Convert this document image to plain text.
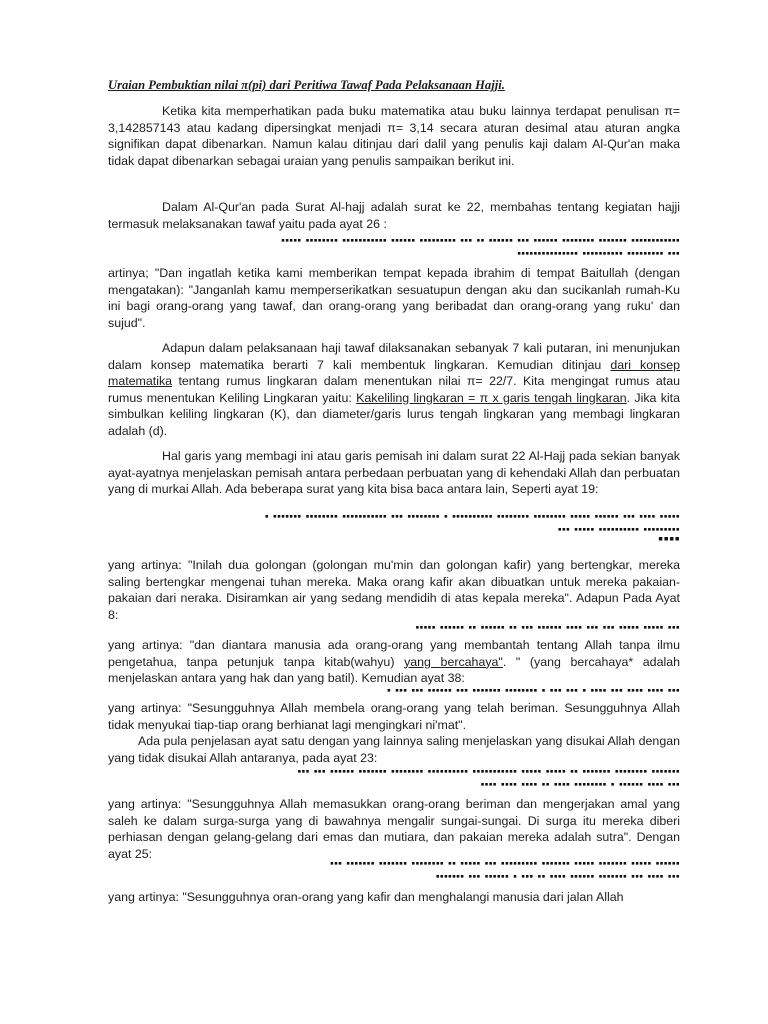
Uraian Pembuktian nilai π(pi) dari Peritiwa Tawaf Pada Pelaksanaan Hajji.

Ketika kita memperhatikan pada buku matematika atau buku lainnya terdapat penulisan π= 3,142857143 atau kadang dipersingkat menjadi π= 3,14 secara aturan desimal atau aturan angka signifikan dapat dibenarkan. Namun kalau ditinjau dari dalil yang penulis kaji dalam Al-Qur'an maka tidak dapat dibenarkan sebagai uraian yang penulis sampaikan berikut ini.

Dalam Al-Qur'an pada Surat Al-hajj adalah surat ke 22, membahas tentang kegiatan hajji termasuk melaksanakan tawaf yaitu pada ayat 26 :

▪▪▪▪▪ ▪▪▪▪▪▪▪▪ ▪▪▪▪▪▪▪▪▪▪▪ ▪▪▪▪▪▪ ▪▪▪▪▪▪▪▪▪ ▪▪▪ ▪▪ ▪▪▪▪▪▪ ▪▪▪ ▪▪▪▪▪▪ ▪▪▪▪▪▪▪▪ ▪▪▪▪▪▪▪ ▪▪▪▪▪▪▪▪▪▪▪▪
▪▪▪▪▪▪▪▪▪▪▪▪▪▪▪ ▪▪▪▪▪▪▪▪▪▪ ▪▪▪▪▪▪▪▪▪ ▪▪▪

artinya; "Dan ingatlah ketika kami memberikan tempat kepada ibrahim di tempat Baitullah (dengan mengatakan): "Janganlah kamu memperserikatkan sesuatupun dengan aku dan sucikanlah rumah-Ku ini bagi orang-orang yang tawaf, dan orang-orang yang beribadat dan orang-orang yang ruku' dan sujud".

Adapun dalam pelaksanaan haji tawaf dilaksanakan sebanyak 7 kali putaran, ini menunjukan dalam konsep matematika berarti 7 kali membentuk lingkaran. Kemudian ditinjau dari konsep matematika tentang rumus lingkaran dalam menentukan nilai π= 22/7. Kita mengingat rumus atau rumus menentukan Keliling Lingkaran yaitu: Kakeliling lingkaran = π x garis tengah lingkaran. Jika kita simbulkan keliling lingkaran (K), dan diameter/garis lurus tengah lingkaran yang membagi lingkaran adalah (d).

Hal garis yang membagi ini atau garis pemisah ini dalam surat 22 Al-Hajj pada sekian banyak ayat-ayatnya menjelaskan pemisah antara perbedaan perbuatan yang di kehendaki Allah dan perbuatan yang di murkai Allah. Ada beberapa surat yang kita bisa baca antara lain, Seperti ayat 19:

▪ ▪▪▪▪▪▪▪ ▪▪▪▪▪▪▪▪ ▪▪▪▪▪▪▪▪▪▪▪ ▪▪▪ ▪▪▪▪▪▪▪▪ ▪ ▪▪▪▪▪▪▪▪▪▪ ▪▪▪▪▪▪▪▪ ▪▪▪▪▪▪▪▪ ▪▪▪▪▪ ▪▪▪▪▪▪ ▪▪▪ ▪▪▪▪ ▪▪▪▪▪
▪▪▪ ▪▪▪▪▪ ▪▪▪▪▪▪▪▪▪▪ ▪▪▪▪▪▪▪▪▪
▪▪▪▪

yang artinya: "Inilah dua golongan (golongan mu'min dan golongan kafir) yang bertengkar, mereka saling bertengkar mengenai tuhan mereka. Maka orang kafir akan dibuatkan untuk mereka pakaian-pakaian dari neraka. Disiramkan air yang sedang mendidih di atas kepala mereka". Adapun Pada Ayat 8:

▪▪▪▪▪ ▪▪▪▪▪▪ ▪▪ ▪▪▪▪▪▪ ▪▪ ▪▪▪ ▪▪▪▪▪▪ ▪▪▪▪ ▪▪▪ ▪▪▪ ▪▪▪▪▪ ▪▪▪▪▪ ▪▪▪

yang artinya: "dan diantara manusia ada orang-orang yang membantah tentang Allah tanpa ilmu pengetahua, tanpa petunjuk tanpa kitab(wahyu) yang bercahaya". " (yang bercahaya* adalah menjelaskan antara yang hak dan yang batil). Kemudian ayat 38:

▪ ▪▪▪ ▪▪▪ ▪▪▪▪▪▪ ▪▪▪ ▪▪▪▪▪▪▪ ▪▪▪▪▪▪▪▪ ▪ ▪▪▪ ▪▪▪ ▪ ▪▪▪▪ ▪▪▪ ▪▪▪▪ ▪▪▪▪ ▪▪▪

yang artinya: "Sesungguhnya Allah membela orang-orang yang telah beriman. Sesungguhnya Allah tidak menyukai tiap-tiap orang berhianat lagi mengingkari ni'mat".

Ada pula penjelasan ayat satu dengan yang lainnya saling menjelaskan yang disukai Allah dengan yang tidak disukai Allah antaranya, pada ayat 23:

▪▪▪ ▪▪▪ ▪▪▪▪▪▪ ▪▪▪▪▪▪▪ ▪▪▪▪▪▪▪▪ ▪▪▪▪▪▪▪▪▪▪ ▪▪▪▪▪▪▪▪▪▪▪ ▪▪▪▪▪ ▪▪▪▪▪ ▪▪ ▪▪▪▪▪▪▪ ▪▪▪▪▪▪▪▪ ▪▪▪▪▪▪▪
▪▪▪▪ ▪▪▪▪ ▪▪▪▪ ▪▪ ▪▪▪▪ ▪▪▪▪▪▪▪▪ ▪ ▪▪▪▪▪▪ ▪▪▪▪ ▪▪▪

yang artinya: "Sesungguhnya Allah memasukkan orang-orang beriman dan mengerjakan amal yang saleh ke dalam surga-surga yang di bawahnya mengalir sungai-sungai. Di surga itu mereka diberi perhiasan dengan gelang-gelang dari emas dan mutiara, dan pakaian mereka adalah sutra". Dengan ayat 25:

▪▪▪ ▪▪▪▪▪▪▪ ▪▪▪▪▪▪▪ ▪▪▪▪▪▪▪▪ ▪▪ ▪▪▪▪▪ ▪▪▪ ▪▪▪▪▪▪▪▪▪ ▪▪▪▪▪▪▪ ▪▪▪▪▪ ▪▪▪▪▪▪▪ ▪▪▪▪▪ ▪▪▪▪▪▪
▪▪▪▪▪▪▪ ▪▪▪ ▪▪▪▪▪▪ ▪ ▪▪▪ ▪▪ ▪▪▪▪ ▪▪▪▪▪▪ ▪▪▪▪▪▪▪ ▪▪▪ ▪▪▪▪ ▪▪▪

yang artinya: "Sesungguhnya oran-orang yang kafir dan menghalangi manusia dari jalan Allah
